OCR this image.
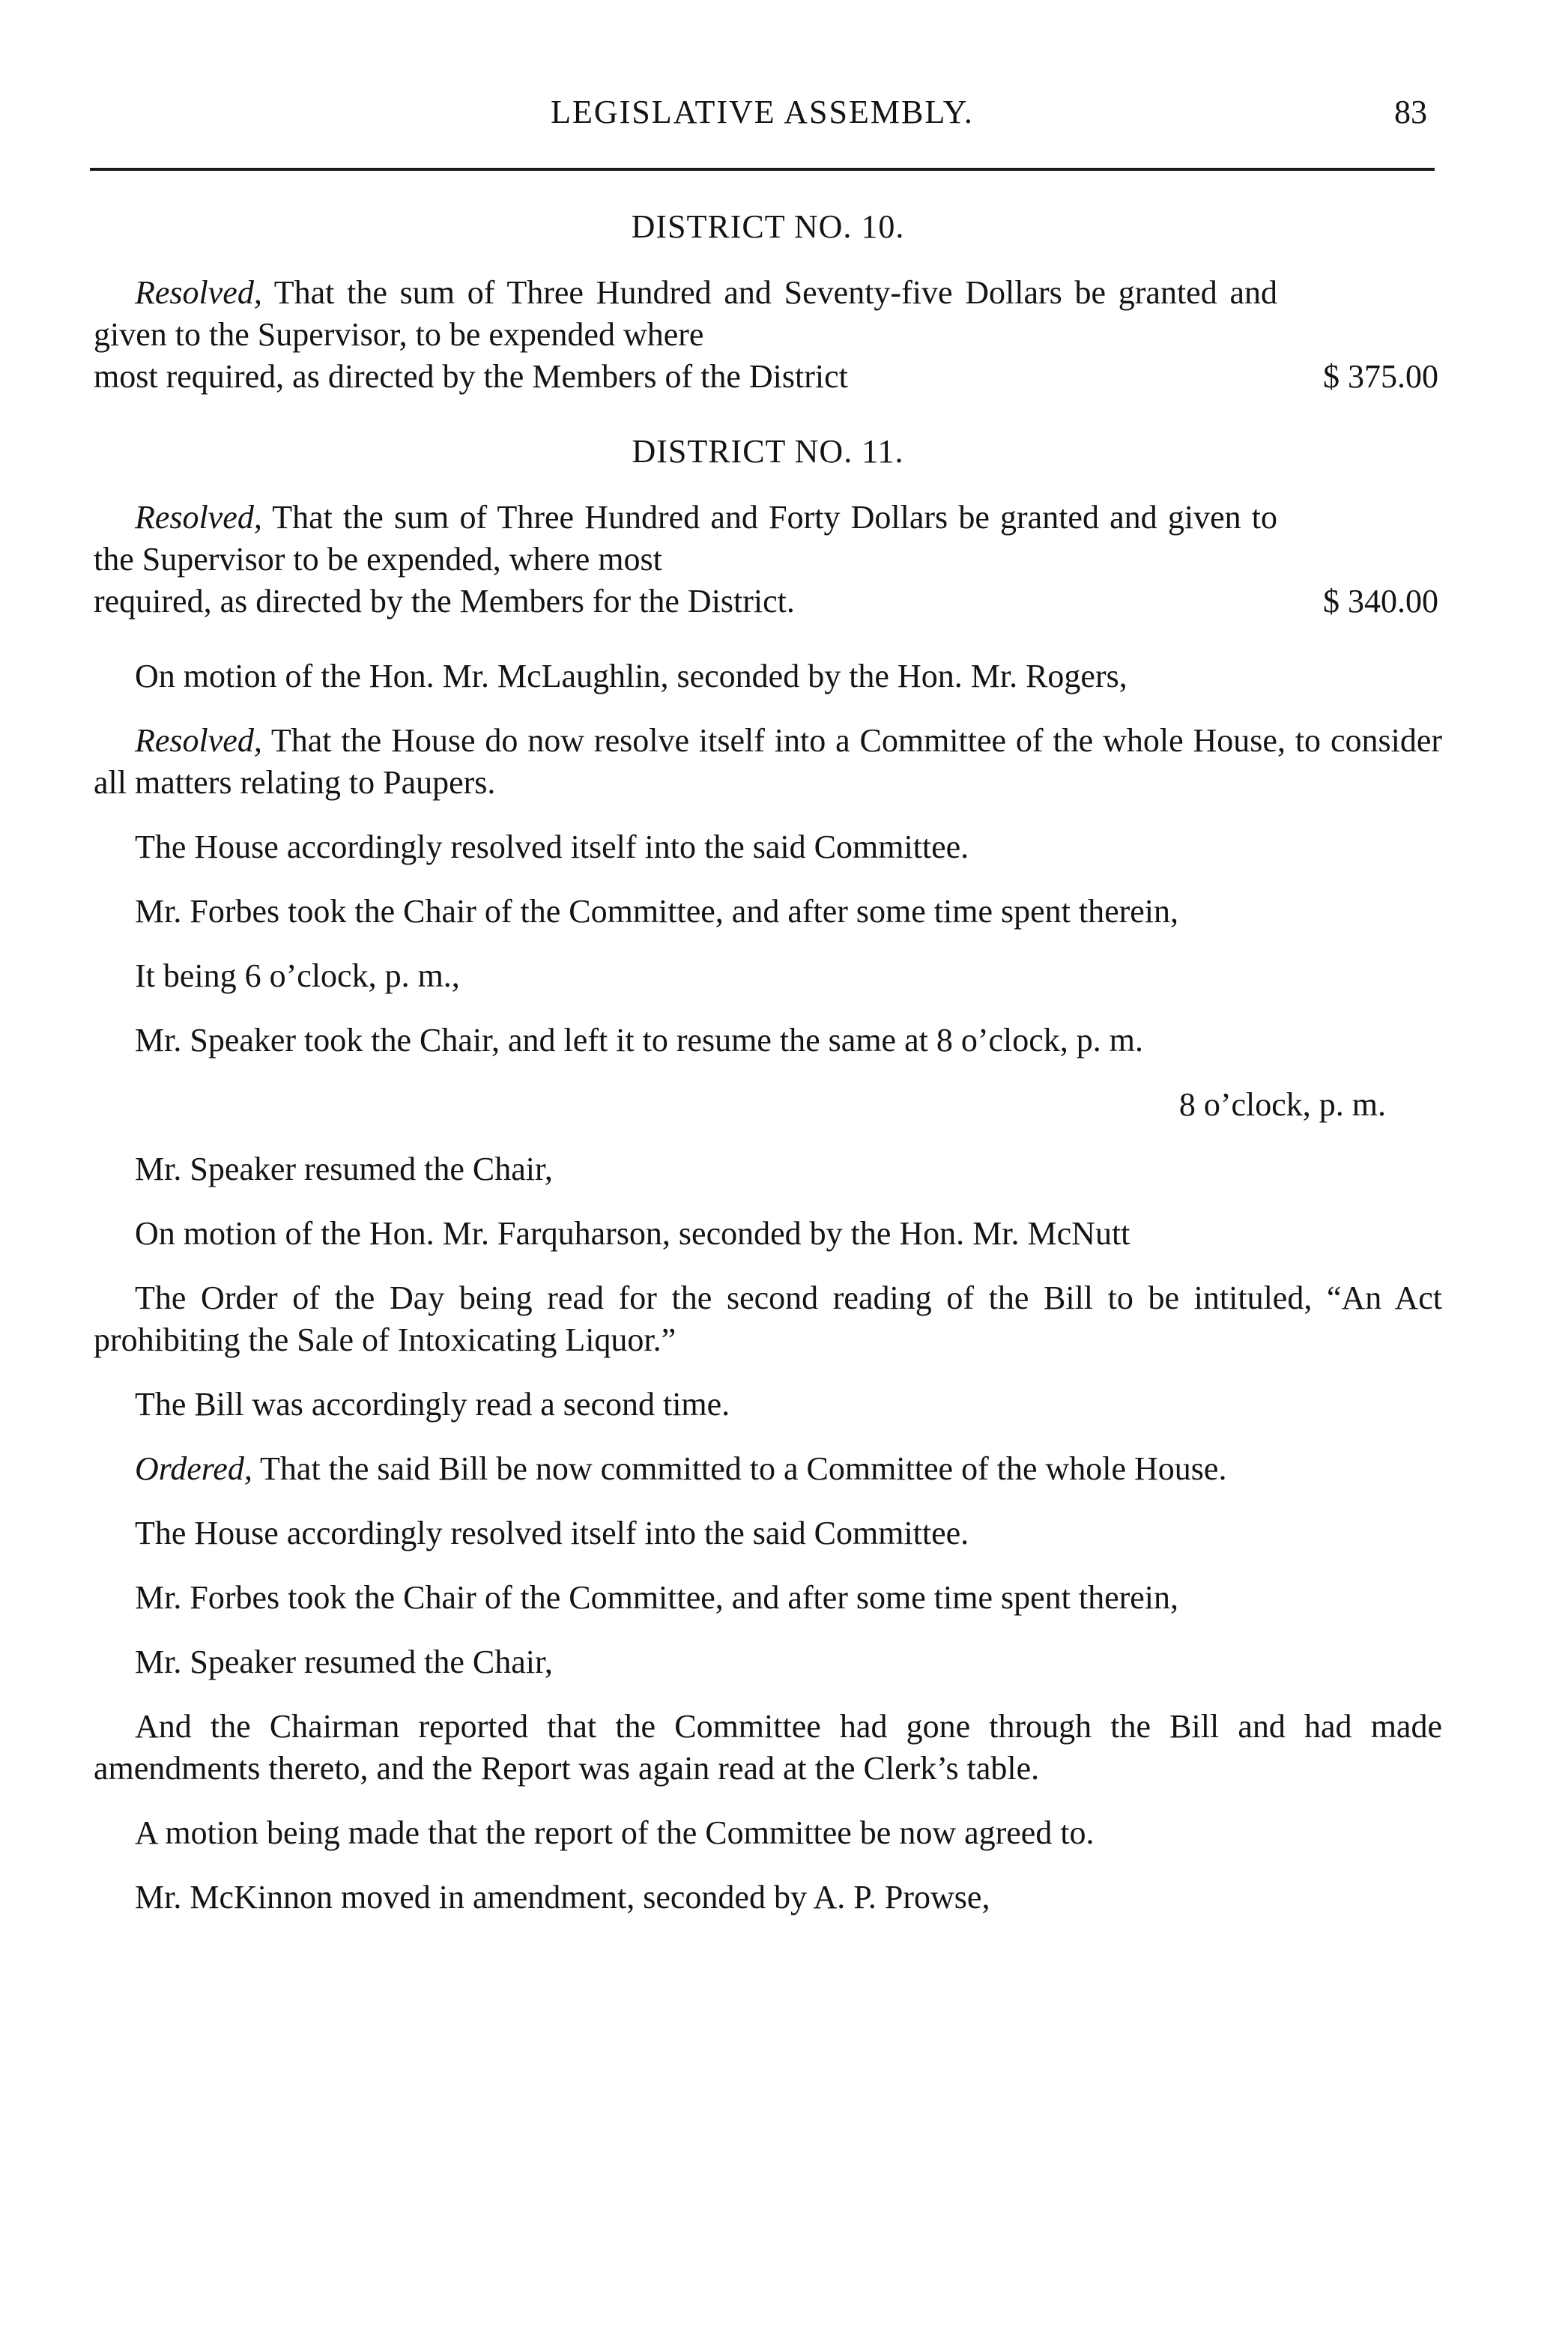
LEGISLATIVE ASSEMBLY.	83
DISTRICT NO. 10.
Resolved, That the sum of Three Hundred and Seventy-five Dollars be granted and given to the Supervisor, to be expended where
most required, as directed by the Members of the District	$ 375.00
DISTRICT NO. 11.
Resolved, That the sum of Three Hundred and Forty Dollars be granted and given to the Supervisor to be expended, where most
required, as directed by the Members for the District.	$ 340.00
On motion of the Hon. Mr. McLaughlin, seconded by the Hon. Mr. Rogers,
Resolved, That the House do now resolve itself into a Committee of the whole House, to consider all matters relating to Paupers.
The House accordingly resolved itself into the said Committee.
Mr. Forbes took the Chair of the Committee, and after some time spent therein,
It being 6 o’clock, p. m.,
Mr. Speaker took the Chair, and left it to resume the same at 8 o’clock, p. m.
8 o’clock, p. m.
Mr. Speaker resumed the Chair,
On motion of the Hon. Mr. Farquharson, seconded by the Hon. Mr. McNutt
The Order of the Day being read for the second reading of the Bill to be intituled, “An Act prohibiting the Sale of Intoxicating Liquor.”
The Bill was accordingly read a second time.
Ordered, That the said Bill be now committed to a Committee of the whole House.
The House accordingly resolved itself into the said Committee.
Mr. Forbes took the Chair of the Committee, and after some time spent therein,
Mr. Speaker resumed the Chair,
And the Chairman reported that the Committee had gone through the Bill and had made amendments thereto, and the Report was again read at the Clerk’s table.
A motion being made that the report of the Committee be now agreed to.
Mr. McKinnon moved in amendment, seconded by A. P. Prowse,
